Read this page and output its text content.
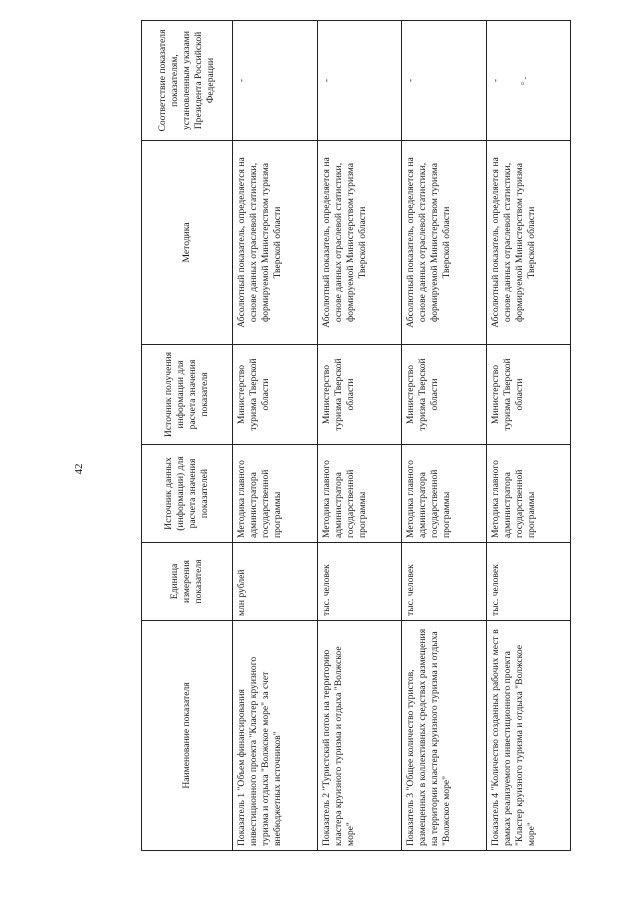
42
° -
Наименование показателя	Единица измерения показателя	Источник данных (информации) для расчета значения показателей	Источник получения информации для расчета значения показателя	Методика	Соответствие показателя показателям, установленным указами Президента Российской Федерации
Показатель 1 "Объем финансирования инвестиционного проекта "Кластер круизного туризма и отдыха "Волжское море" за счет внебюджетных источников"	млн рублей	Методика главного администратора государственной программы	Министерство туризма Тверской области	Абсолютный показатель, определяется на основе данных отраслевой статистики, формируемой Министерством туризма Тверской области	-
Показатель 2 "Туристский поток на территорию кластера круизного туризма и отдыха "Волжское море"	тыс. человек	Методика главного администратора государственной программы	Министерство туризма Тверской области	Абсолютный показатель, определяется на основе данных отраслевой статистики, формируемой Министерством туризма Тверской области	-
Показатель 3 "Общее количество туристов, размещенных в коллективных средствах размещения на территории кластера круизного туризма и отдыха "Волжское море"	тыс. человек	Методика главного администратора государственной программы	Министерство туризма Тверской области	Абсолютный показатель, определяется на основе данных отраслевой статистики, формируемой Министерством туризма Тверской области	-
Показатель 4 "Количество созданных рабочих мест в рамках реализуемого инвестиционного проекта "Кластер круизного туризма и отдыха "Волжское море"	тыс. человек	Методика главного администратора государственной программы	Министерство туризма Тверской области	Абсолютный показатель, определяется на основе данных отраслевой статистики, формируемой Министерством туризма Тверской области	-
